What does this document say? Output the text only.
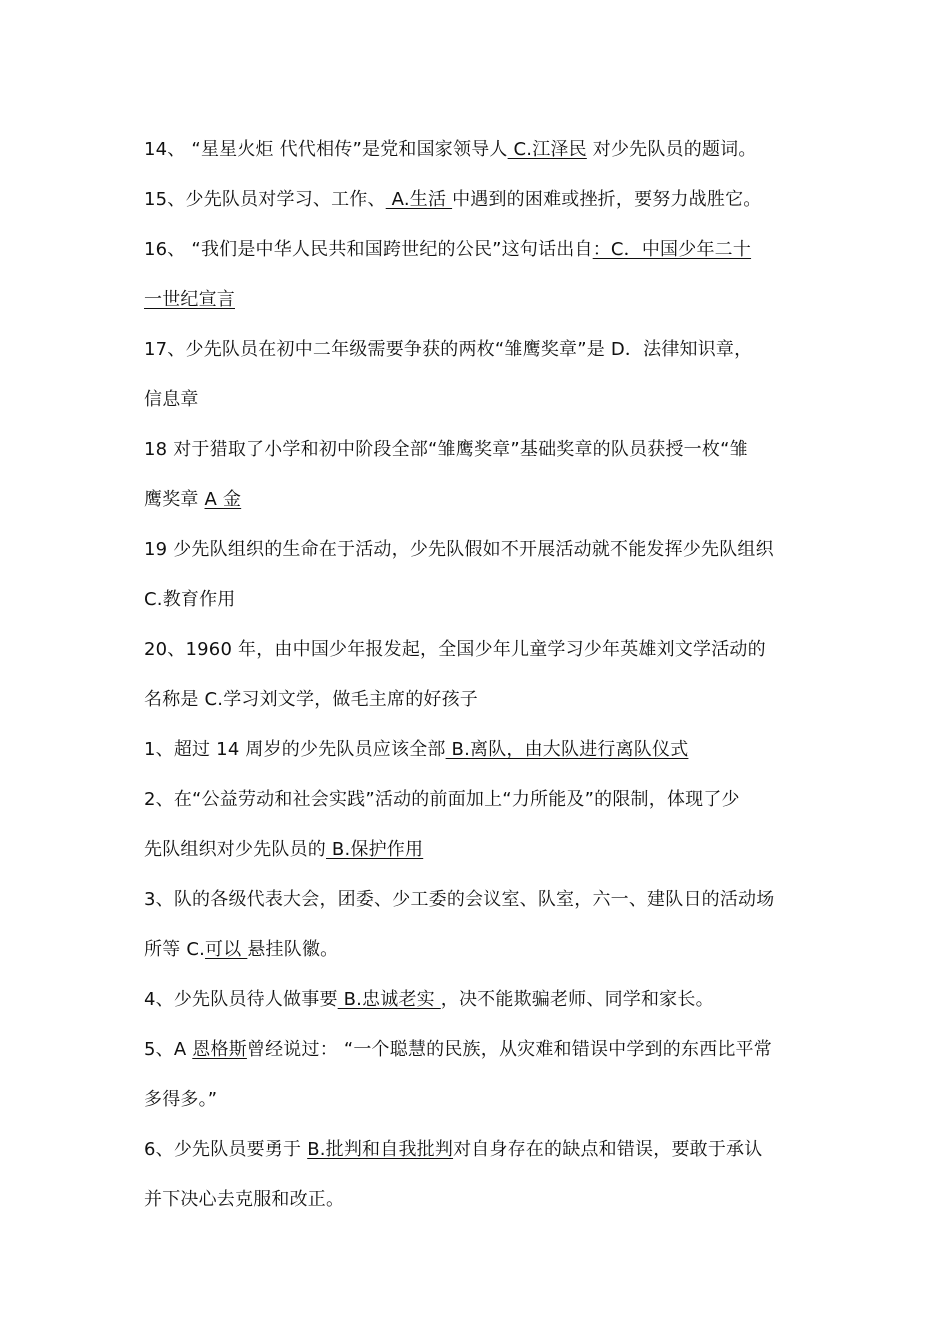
14、 “星星火炬 代代相传”是党和国家领导人 C.江泽民 对少先队员的题词。
15、少先队员对学习、工作、 A.生活 中遇到的困难或挫折，要努力战胜它。
16、 “我们是中华人民共和国跨世纪的公民”这句话出自：C．中国少年二十
一世纪宣言
17、少先队员在初中二年级需要争获的两枚“雏鹰奖章”是 D．法律知识章，
信息章
18 对于猎取了小学和初中阶段全部“雏鹰奖章”基础奖章的队员获授一枚“雏
鹰奖章 A 金
19 少先队组织的生命在于活动，少先队假如不开展活动就不能发挥少先队组织
C.教育作用
20、1960 年，由中国少年报发起，全国少年儿童学习少年英雄刘文学活动的
名称是 C.学习刘文学，做毛主席的好孩子
1、超过 14 周岁的少先队员应该全部 B.离队，由大队进行离队仪式
2、在“公益劳动和社会实践”活动的前面加上“力所能及”的限制，体现了少
先队组织对少先队员的 B.保护作用
3、队的各级代表大会，团委、少工委的会议室、队室，六一、建队日的活动场
所等 C.可以 悬挂队徽。
4、少先队员待人做事要 B.忠诚老实 ，决不能欺骗老师、同学和家长。
5、A 恩格斯曾经说过： “一个聪慧的民族，从灾难和错误中学到的东西比平常
多得多。”
6、少先队员要勇于 B.批判和自我批判对自身存在的缺点和错误，要敢于承认
并下决心去克服和改正。
